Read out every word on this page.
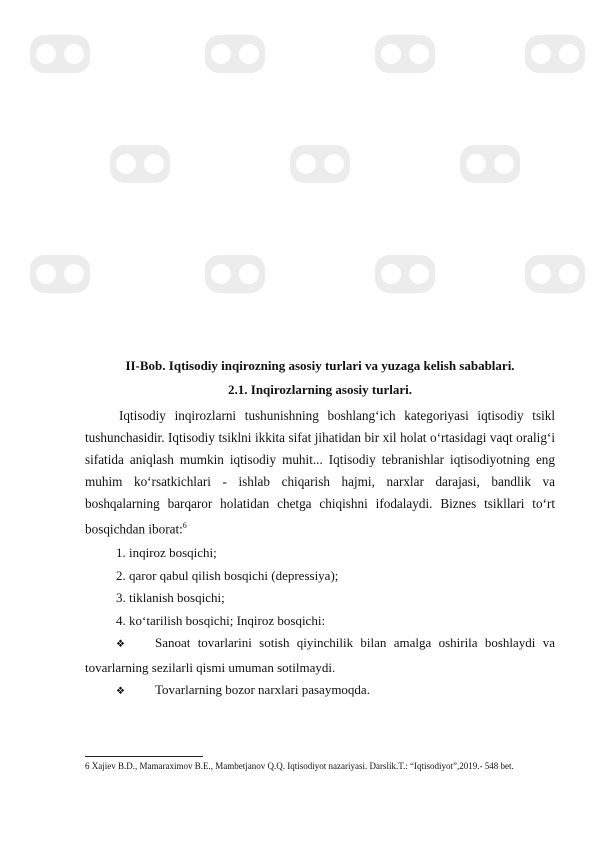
II-Bob. Iqtisodiy inqirozning asosiy turlari va yuzaga kelish sabablari.
2.1. Inqirozlarning asosiy turlari.

Iqtisodiy inqirozlarni tushunishning boshlang‘ich kategoriyasi iqtisodiy tsikl tushunchasidir. Iqtisodiy tsiklni ikkita sifat jihatidan bir xil holat o‘rtasidagi vaqt oralig‘i sifatida aniqlash mumkin iqtisodiy muhit... Iqtisodiy tebranishlar iqtisodiyotning eng muhim ko‘rsatkichlari - ishlab chiqarish hajmi, narxlar darajasi, bandlik va boshqalarning barqaror holatidan chetga chiqishni ifodalaydi. Biznes tsikllari to‘rt bosqichdan iborat:$^6$

1. inqiroz bosqichi;
2. qaror qabul qilish bosqichi (depressiya);
3. tiklanish bosqichi;
4. ko‘tarilish bosqichi; Inqiroz bosqichi:

❖ Sanoat tovarlarini sotish qiyinchilik bilan amalga oshirila boshlaydi va tovarlarning sezilarli qismi umuman sotilmaydi.

❖ Tovarlarning bozor narxlari pasaymoqda.

6 Xajiev B.D., Mamaraximov B.E., Mambetjanov Q.Q. Iqtisodiyot nazariyasi. Darslik.T.: “Iqtisodiyot”,2019.- 548 bet.
